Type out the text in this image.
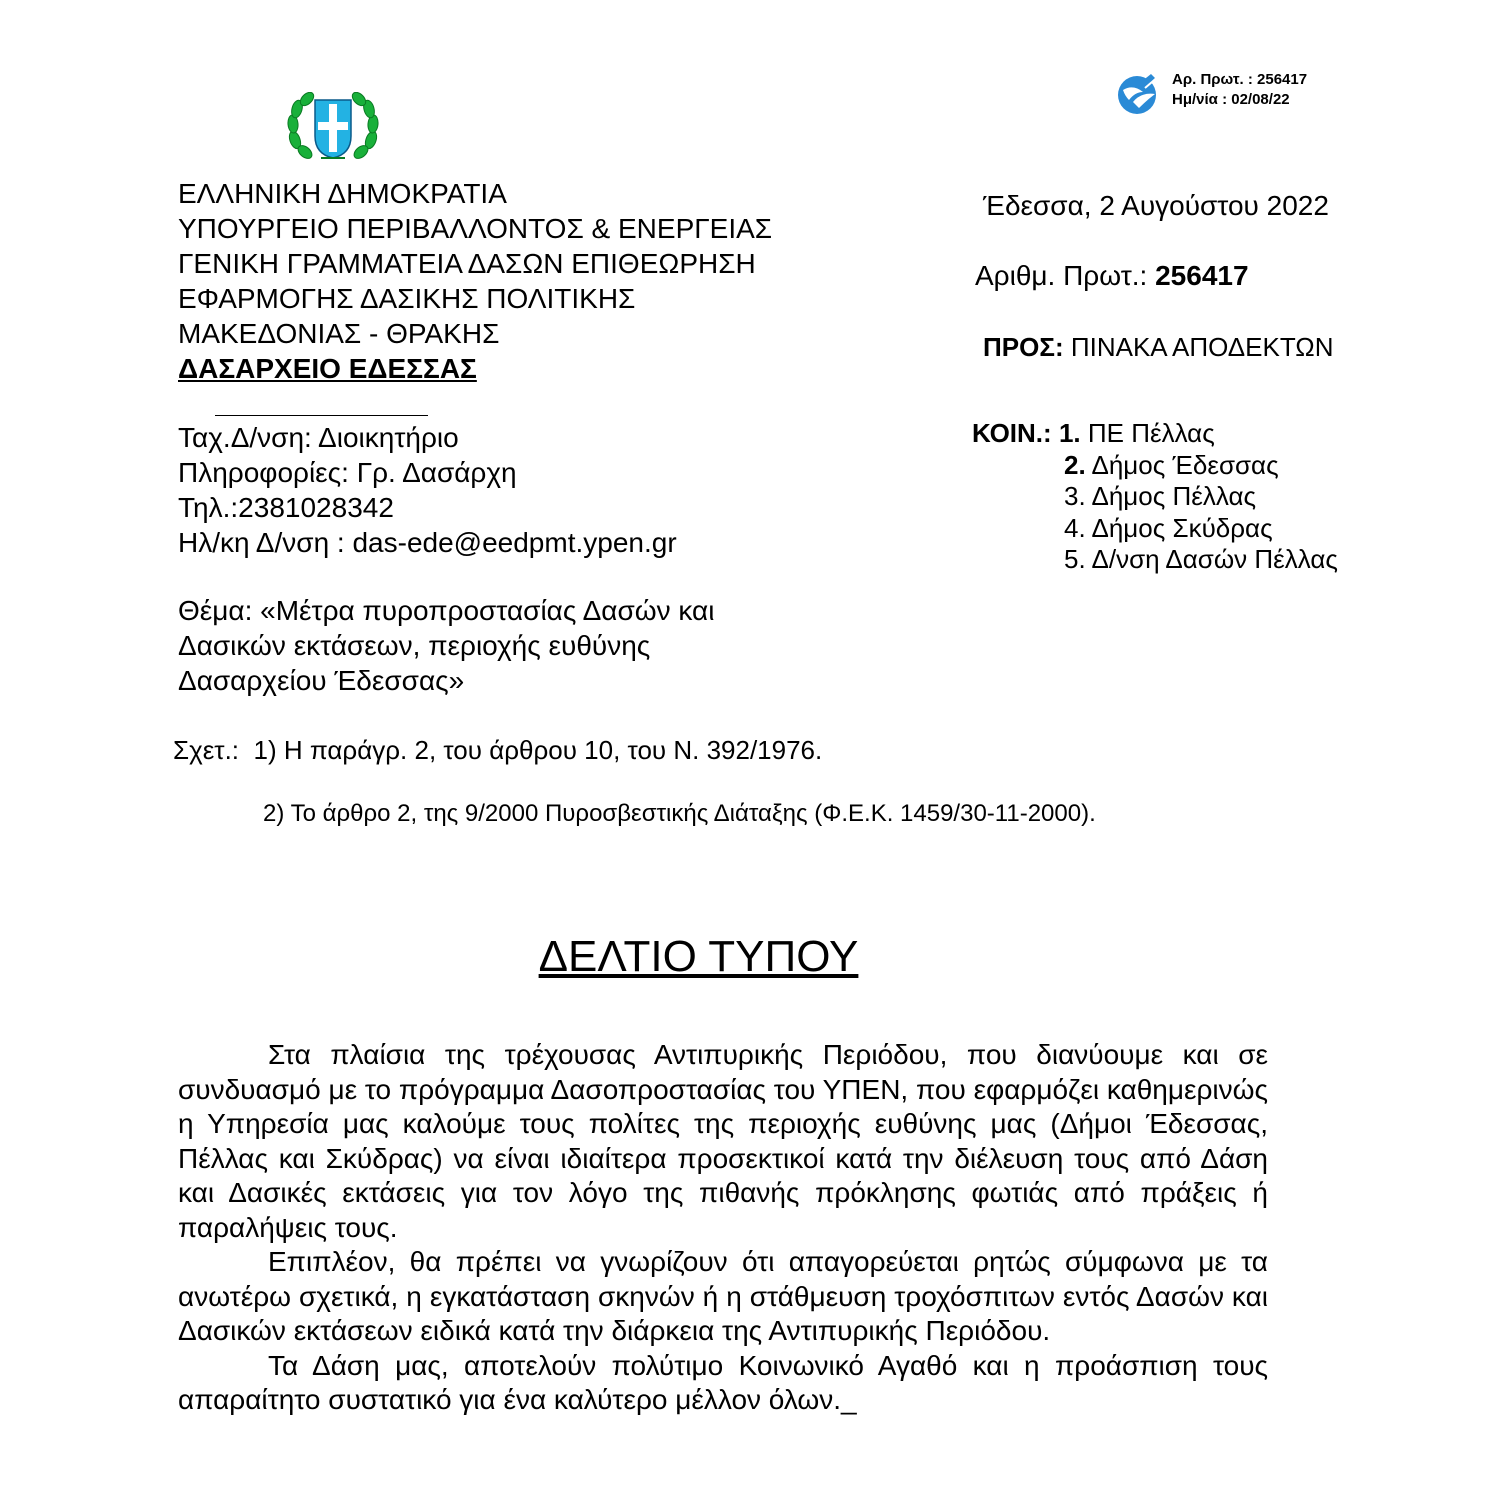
Αρ. Πρωτ. : 256417
Ημ/νία : 02/08/22
ΕΛΛΗΝΙΚΗ ΔΗΜΟΚΡΑΤΙΑ
ΥΠΟΥΡΓΕΙΟ ΠΕΡΙΒΑΛΛΟΝΤΟΣ & ΕΝΕΡΓΕΙΑΣ
ΓΕΝΙΚΗ ΓΡΑΜΜΑΤΕΙΑ ΔΑΣΩΝ ΕΠΙΘΕΩΡΗΣΗ
ΕΦΑΡΜΟΓΗΣ ΔΑΣΙΚΗΣ ΠΟΛΙΤΙΚΗΣ
ΜΑΚΕΔΟΝΙΑΣ - ΘΡΑΚΗΣ
ΔΑΣΑΡΧΕΙΟ ΕΔΕΣΣΑΣ
Ταχ.Δ/νση: Διοικητήριο
Πληροφορίες: Γρ. Δασάρχη
Τηλ.:2381028342
Ηλ/κη Δ/νση : das-ede@eedpmt.ypen.gr
Θέμα: «Μέτρα πυροπροστασίας Δασών και
Δασικών εκτάσεων, περιοχής ευθύνης
Δασαρχείου Έδεσσας»
Έδεσσα, 2 Αυγούστου 2022
Αριθμ. Πρωτ.: 256417
ΠΡΟΣ: ΠΙΝΑΚΑ ΑΠΟΔΕΚΤΩΝ
ΚΟΙΝ.: 1. ΠΕ Πέλλας
2. Δήμος Έδεσσας
3. Δήμος Πέλλας
4. Δήμος Σκύδρας
5. Δ/νση Δασών Πέλλας
Σχετ.: 1) Η παράγρ. 2, του άρθρου 10, του Ν. 392/1976.
2) Το άρθρο 2, της 9/2000 Πυροσβεστικής Διάταξης (Φ.Ε.Κ. 1459/30-11-2000).
ΔΕΛΤΙΟ ΤΥΠΟΥ

Στα πλαίσια της τρέχουσας Αντιπυρικής Περιόδου, που διανύουμε και σε συνδυασμό με το πρόγραμμα Δασοπροστασίας του ΥΠΕΝ, που εφαρμόζει καθημερινώς η Υπηρεσία μας καλούμε τους πολίτες της περιοχής ευθύνης μας (Δήμοι Έδεσσας, Πέλλας και Σκύδρας) να είναι ιδιαίτερα προσεκτικοί κατά την διέλευση τους από Δάση και Δασικές εκτάσεις για τον λόγο της πιθανής πρόκλησης φωτιάς από πράξεις ή παραλήψεις τους.

Επιπλέον, θα πρέπει να γνωρίζουν ότι απαγορεύεται ρητώς σύμφωνα με τα ανωτέρω σχετικά, η εγκατάσταση σκηνών ή η στάθμευση τροχόσπιτων εντός Δασών και Δασικών εκτάσεων ειδικά κατά την διάρκεια της Αντιπυρικής Περιόδου.

Τα Δάση μας, αποτελούν πολύτιμο Κοινωνικό Αγαθό και η προάσπιση τους απαραίτητο συστατικό για ένα καλύτερο μέλλον όλων._
